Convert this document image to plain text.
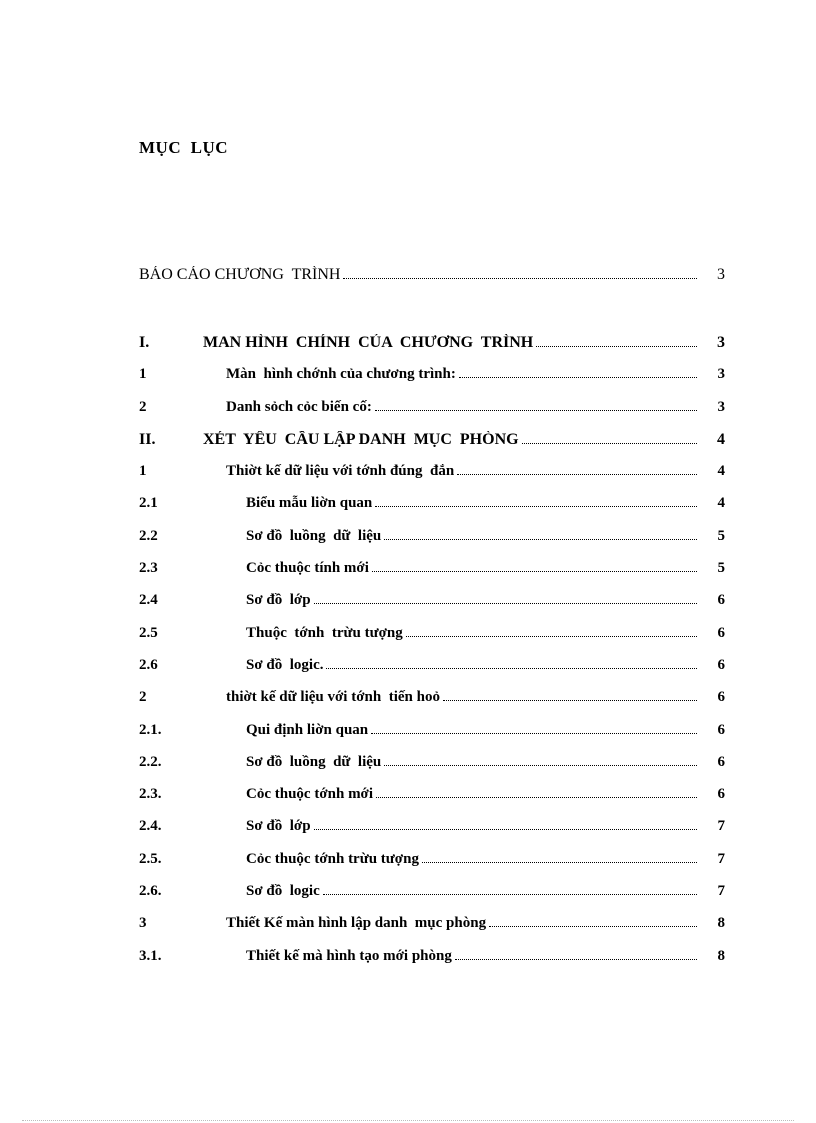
MỤC  LỤC
BÁO CÁO CHƯƠNG  TRÌNH	3
I.	MAN HÌNH  CHÍNH  CỦA  CHƯƠNG  TRÌNH	3
1	Màn  hình chớnh của chương trình:	3
2	Danh sỏch cỏc biến cố:	3
II.	XÉT  YÊU  CẦU LẬP DANH  MỤC  PHÒNG	4
1	Thiờt kế dữ liệu với tớnh đúng  đắn	4
2.1	Biểu mẫu liờn quan	4
2.2	Sơ đồ  luồng  dữ  liệu	5
2.3	Cỏc thuộc tính mới	5
2.4	Sơ đồ  lớp	6
2.5	Thuộc  tớnh  trừu tượng	6
2.6	Sơ đồ  logic.	6
2	thiờt kế dữ liệu với tớnh  tiến hoỏ	6
2.1.	Qui định liờn quan	6
2.2.	Sơ đồ  luồng  dữ  liệu	6
2.3.	Cỏc thuộc tớnh mới	6
2.4.	Sơ đồ  lớp	7
2.5.	Cỏc thuộc tớnh trừu tượng	7
2.6.	Sơ đồ  logic	7
3	Thiết Kế màn hình lập danh  mục phòng	8
3.1.	Thiết kế mà hình tạo mới phòng	8
